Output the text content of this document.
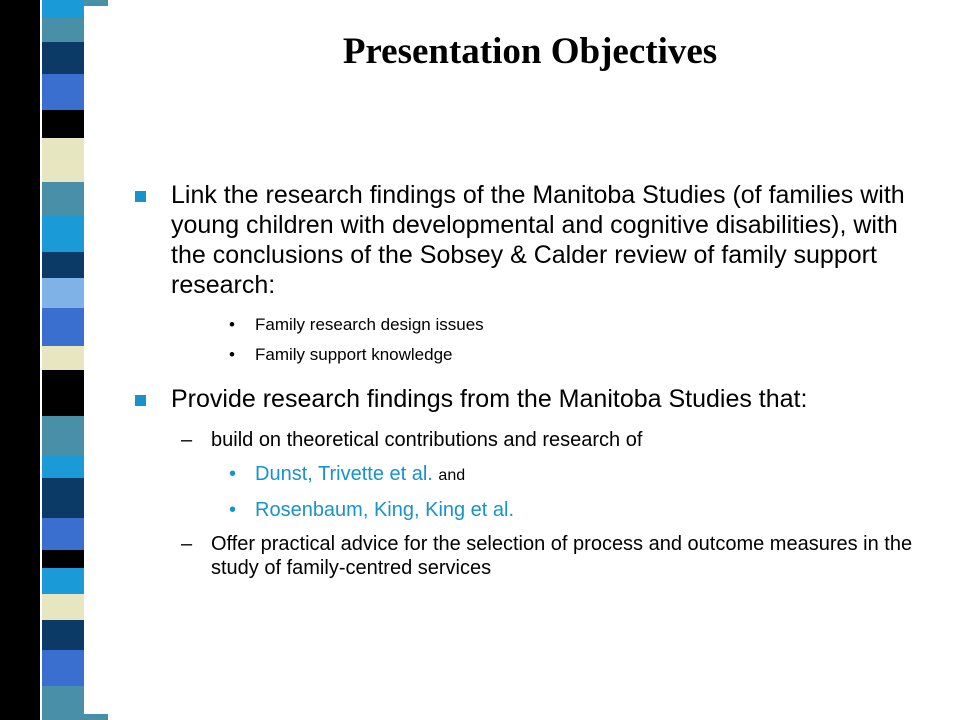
Presentation Objectives
Link the research findings of the Manitoba Studies (of families with young children with developmental and cognitive disabilities), with the conclusions of the Sobsey & Calder review of family support research:
• Family research design issues
• Family support knowledge
Provide research findings from the Manitoba Studies that:
– build on theoretical contributions and research of
• Dunst, Trivette et al. and
• Rosenbaum, King, King et al.
– Offer practical advice for the selection of process and outcome measures in the study of family-centred services
